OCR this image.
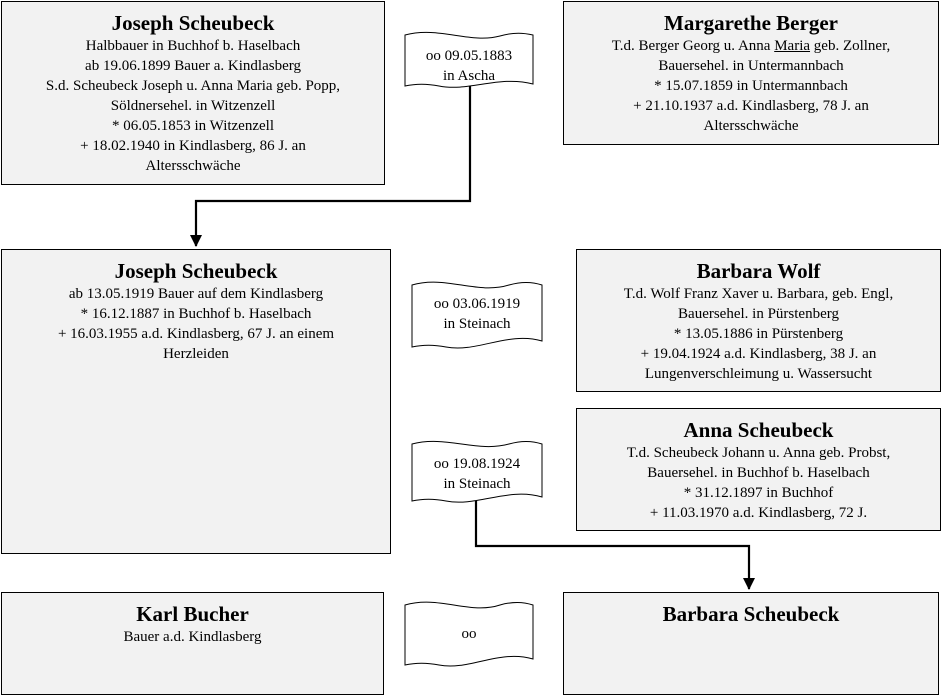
Joseph Scheubeck
Halbbauer in Buchhof b. Haselbach
ab 19.06.1899 Bauer a. Kindlasberg
S.d. Scheubeck Joseph u. Anna Maria geb. Popp,
Söldnersehel. in Witzenzell
* 06.05.1853 in Witzenzell
+ 18.02.1940 in Kindlasberg, 86 J. an
Altersschwäche
Margarethe Berger
T.d. Berger Georg u. Anna Maria geb. Zollner,
Bauersehel. in Untermannbach
* 15.07.1859 in Untermannbach
+ 21.10.1937 a.d. Kindlasberg, 78 J. an
Altersschwäche
Joseph Scheubeck
ab 13.05.1919 Bauer auf dem Kindlasberg
* 16.12.1887 in Buchhof b. Haselbach
+ 16.03.1955 a.d. Kindlasberg, 67 J. an einem
Herzleiden
Barbara Wolf
T.d. Wolf Franz Xaver u. Barbara, geb. Engl,
Bauersehel. in Pürstenberg
* 13.05.1886 in Pürstenberg
+ 19.04.1924 a.d. Kindlasberg, 38 J. an
Lungenverschleimung u. Wassersucht
Anna Scheubeck
T.d. Scheubeck Johann u. Anna geb. Probst,
Bauersehel. in Buchhof b. Haselbach
* 31.12.1897 in Buchhof
+ 11.03.1970 a.d. Kindlasberg, 72 J.
Karl Bucher
Bauer a.d. Kindlasberg
Barbara Scheubeck
oo 09.05.1883
in Ascha
oo 03.06.1919
in Steinach
oo 19.08.1924
in Steinach
oo
